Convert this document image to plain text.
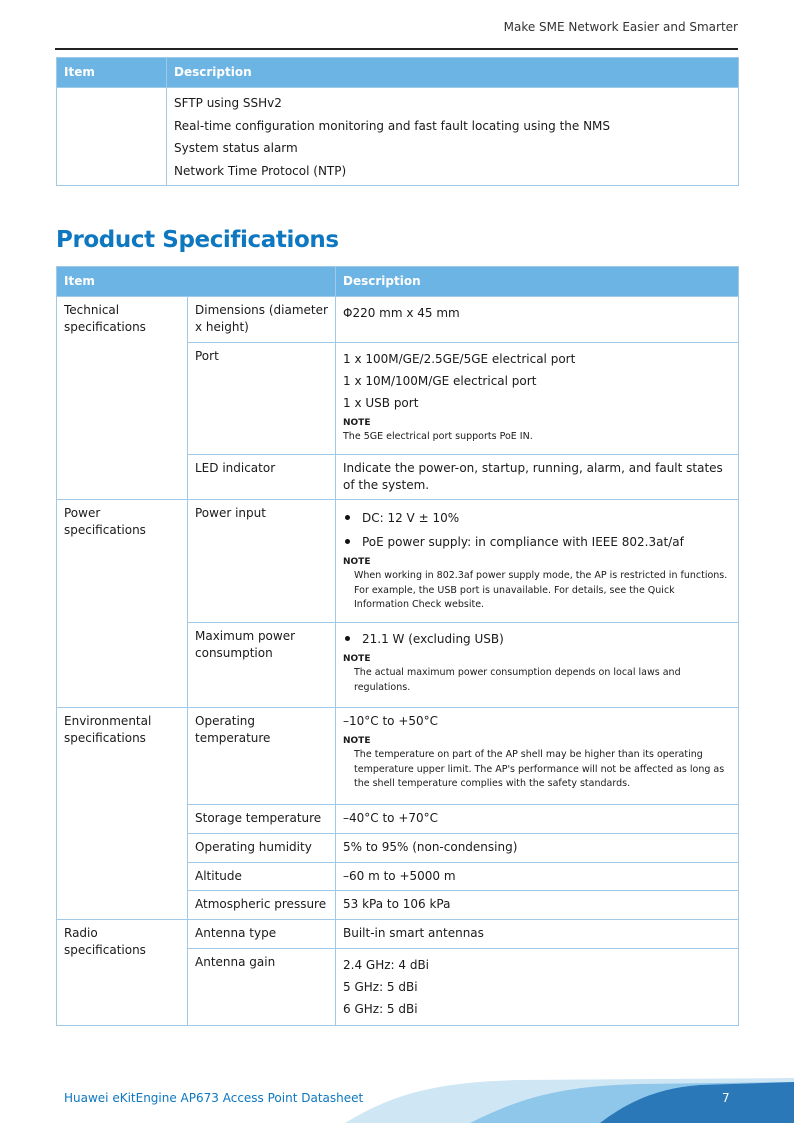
Make SME Network Easier and Smarter
Item	Description

	SFTP using SSHv2
Real-time configuration monitoring and fast fault locating using the NMS
System status alarm
Network Time Protocol (NTP)
Product Specifications
Item		Description
Technical specifications	Dimensions (diameter x height)	Φ220 mm x 45 mm

	Port	1 x 100M/GE/2.5GE/5GE electrical port
1 x 10M/100M/GE electrical port
1 x USB port
NOTE
The 5GE electrical port supports PoE IN.

	LED indicator	Indicate the power-on, startup, running, alarm, and fault states of the system.
Power specifications	Power input	DC: 12 V ± 10%
PoE power supply: in compliance with IEEE 802.3at/af
NOTE
When working in 802.3af power supply mode, the AP is restricted in functions. For example, the USB port is unavailable. For details, see the Quick Information Check website.

	Maximum power consumption	21.1 W (excluding USB)
NOTE
The actual maximum power consumption depends on local laws and regulations.

Environmental specifications	Operating temperature	–10°C to +50°C
NOTE
The temperature on part of the AP shell may be higher than its operating temperature upper limit. The AP's performance will not be affected as long as the shell temperature complies with the safety standards.

	Storage temperature	–40°C to +70°C
	Operating humidity	5% to 95% (non-condensing)
	Altitude	–60 m to +5000 m
	Atmospheric pressure	53 kPa to 106 kPa
Radio specifications	Antenna type	Built-in smart antennas
	Antenna gain	2.4 GHz: 4 dBi
5 GHz: 5 dBi
6 GHz: 5 dBi
Huawei eKitEngine AP673 Access Point Datasheet	7
